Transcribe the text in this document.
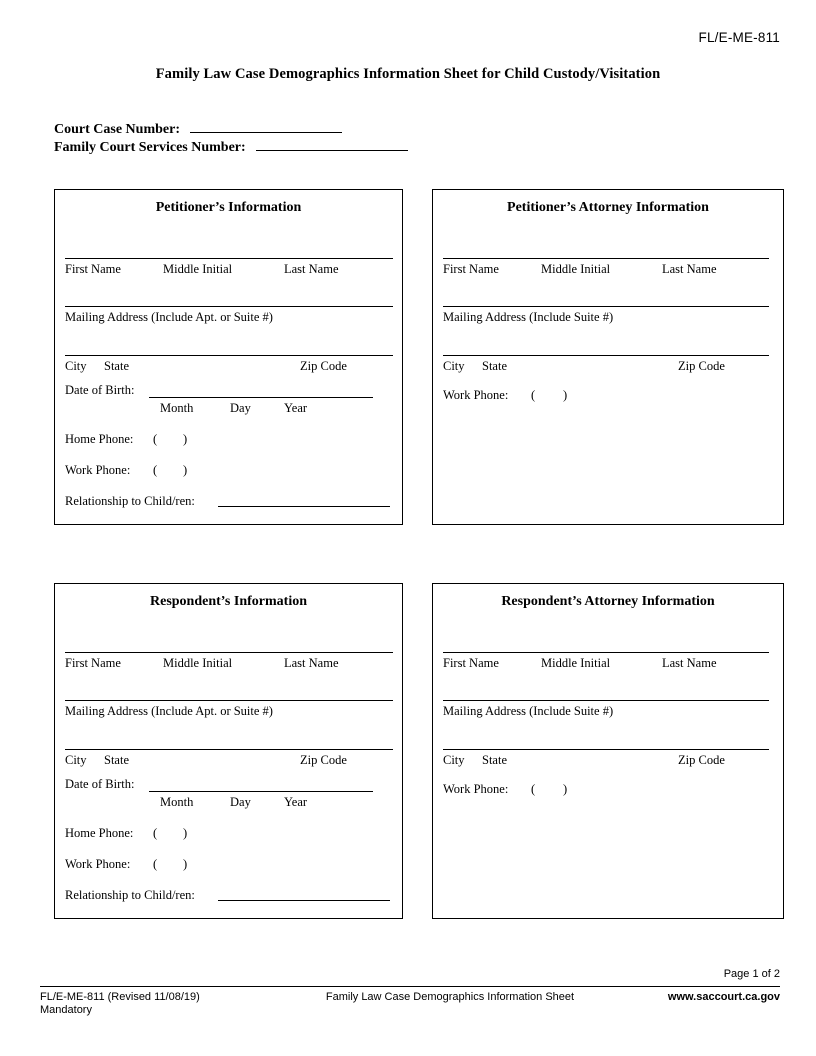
FL/E-ME-811
Family Law Case Demographics Information Sheet for Child Custody/Visitation
Court Case Number:  Family Court Services Number:
Petitioner’s Information
First Name	Middle Initial	Last Name
Mailing Address (Include Apt. or Suite #)
City State	Zip Code
Date of Birth:
Month	Day	Year
Home Phone: ( )
Work Phone: ( )
Relationship to Child/ren:
Petitioner’s Attorney Information
First Name	Middle Initial	Last Name
Mailing Address (Include Suite #)
City State	Zip Code
Work Phone: ( )
Respondent’s Information
First Name	Middle Initial	Last Name
Mailing Address (Include Apt. or Suite #)
City State	Zip Code
Date of Birth:
Month	Day	Year
Home Phone: ( )
Work Phone: ( )
Relationship to Child/ren:
Respondent’s Attorney Information
First Name	Middle Initial	Last Name
Mailing Address (Include Suite #)
City State	Zip Code
Work Phone: ( )
Page 1 of 2
FL/E-ME-811 (Revised 11/08/19)
Mandatory
Family Law Case Demographics Information Sheet	www.saccourt.ca.gov
